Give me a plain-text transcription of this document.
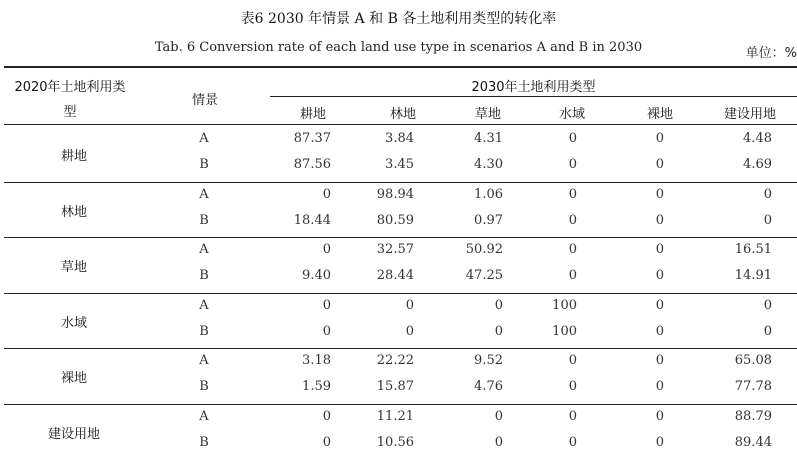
表6 2030 年情景 A 和 B 各土地利用类型的转化率
Tab. 6 Conversion rate of each land use type in scenarios A and B in 2030	单位：%
2020年土地利用类
型
情景
2030年土地利用类型
耕地	林地	草地	水域	裸地	建设用地
耕地
A	87.37	3.84	4.31	0	0	4.48
B	87.56	3.45	4.30	0	0	4.69
林地
A	0	98.94	1.06	0	0	0
B	18.44	80.59	0.97	0	0	0
草地
A	0	32.57	50.92	0	0	16.51
B	9.40	28.44	47.25	0	0	14.91
水域
A	0	0	0	100	0	0
B	0	0	0	100	0	0
裸地
A	3.18	22.22	9.52	0	0	65.08
B	1.59	15.87	4.76	0	0	77.78
建设用地
A	0	11.21	0	0	0	88.79
B	0	10.56	0	0	0	89.44
